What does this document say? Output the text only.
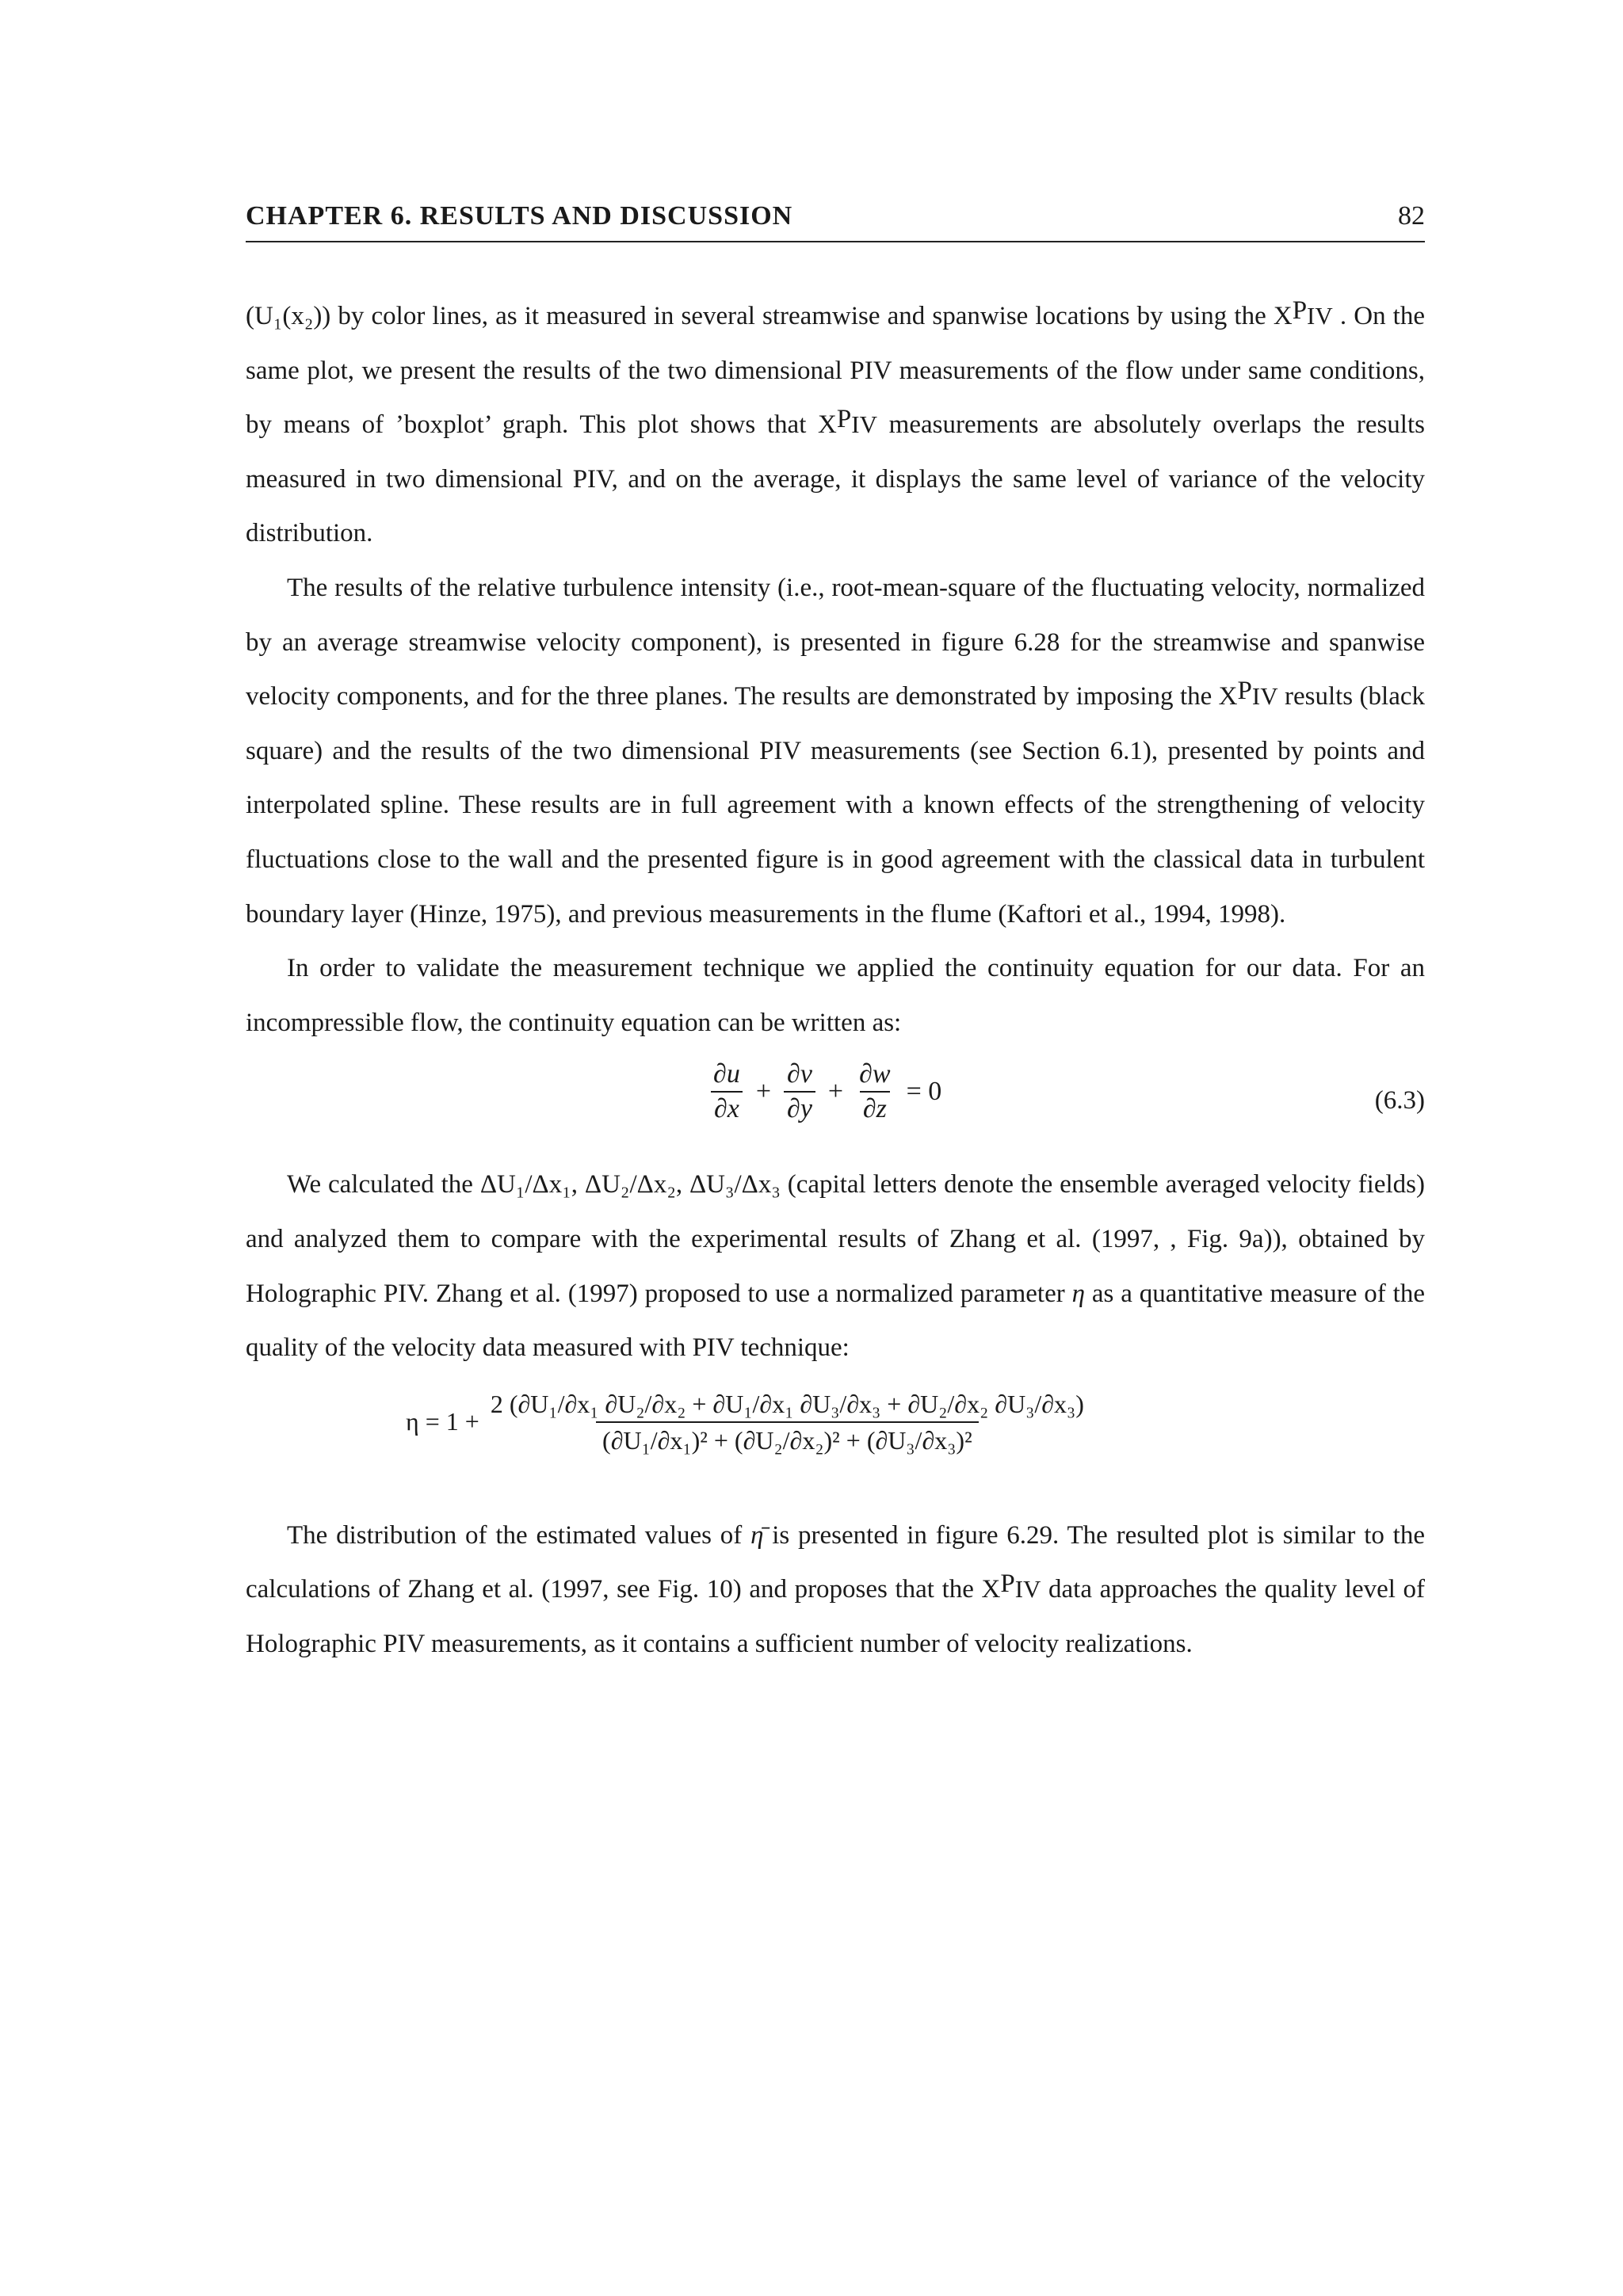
CHAPTER 6. RESULTS AND DISCUSSION	82

(U₁(x₂)) by color lines, as it measured in several streamwise and spanwise locations by using the XPIV . On the same plot, we present the results of the two dimensional PIV measurements of the flow under same conditions, by means of ’boxplot’ graph. This plot shows that XPIV measurements are absolutely overlaps the results measured in two dimensional PIV, and on the average, it displays the same level of variance of the velocity distribution.

The results of the relative turbulence intensity (i.e., root-mean-square of the fluctuating velocity, normalized by an average streamwise velocity component), is presented in figure 6.28 for the streamwise and spanwise velocity components, and for the three planes. The results are demonstrated by imposing the XPIV results (black square) and the results of the two dimensional PIV measurements (see Section 6.1), presented by points and interpolated spline. These results are in full agreement with a known effects of the strengthening of velocity fluctuations close to the wall and the presented figure is in good agreement with the classical data in turbulent boundary layer (Hinze, 1975), and previous measurements in the flume (Kaftori et al., 1994, 1998).

In order to validate the measurement technique we applied the continuity equation for our data. For an incompressible flow, the continuity equation can be written as:

$\frac{\partial u}{\partial x} + \frac{\partial v}{\partial y} + \frac{\partial w}{\partial z} = 0$	(6.3)

We calculated the ΔU₁/Δx₁, ΔU₂/Δx₂, ΔU₃/Δx₃ (capital letters denote the ensemble averaged velocity fields) and analyzed them to compare with the experimental results of Zhang et al. (1997, , Fig. 9a)), obtained by Holographic PIV. Zhang et al. (1997) proposed to use a normalized parameter η as a quantitative measure of the quality of the velocity data measured with PIV technique:

$\eta = 1 + \frac{\text{2 (∂U₁/∂x₁ ∂U₂/∂x₂ + ∂U₁/∂x₁ ∂U₃/∂x₃ + ∂U₂/∂x₂ ∂U₃/∂x₃)}}{\text{(∂U₁/∂x₁)² + (∂U₂/∂x₂)² + (∂U₃/∂x₃)²}}$

The distribution of the estimated values of η̄ is presented in figure 6.29. The resulted plot is similar to the calculations of Zhang et al. (1997, see Fig. 10) and proposes that the XPIV data approaches the quality level of Holographic PIV measurements, as it contains a sufficient number of velocity realizations.
